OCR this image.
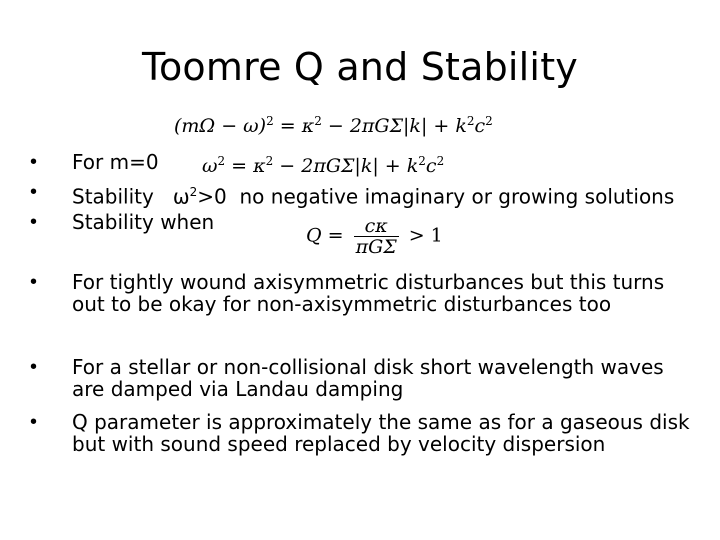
Toomre Q and Stability
$(m\Omega - \omega)^2 = \kappa^2 - 2\pi G\Sigma|k| + k^2c^2$
• For m=0 $\omega^2 = \kappa^2 - 2\pi G\Sigma|k| + k^2c^2$
• Stability   $\omega^2>0$  no negative imaginary or growing solutions
• Stability when
$Q = \frac{c\kappa}{\text{πGΣ}} > 1$
• For tightly wound axisymmetric disturbances but this turns out to be okay for non-axisymmetric disturbances too
• For a stellar or non-collisional disk short wavelength waves are damped via Landau damping
• Q parameter is approximately the same as for a gaseous disk but with sound speed replaced by velocity dispersion
